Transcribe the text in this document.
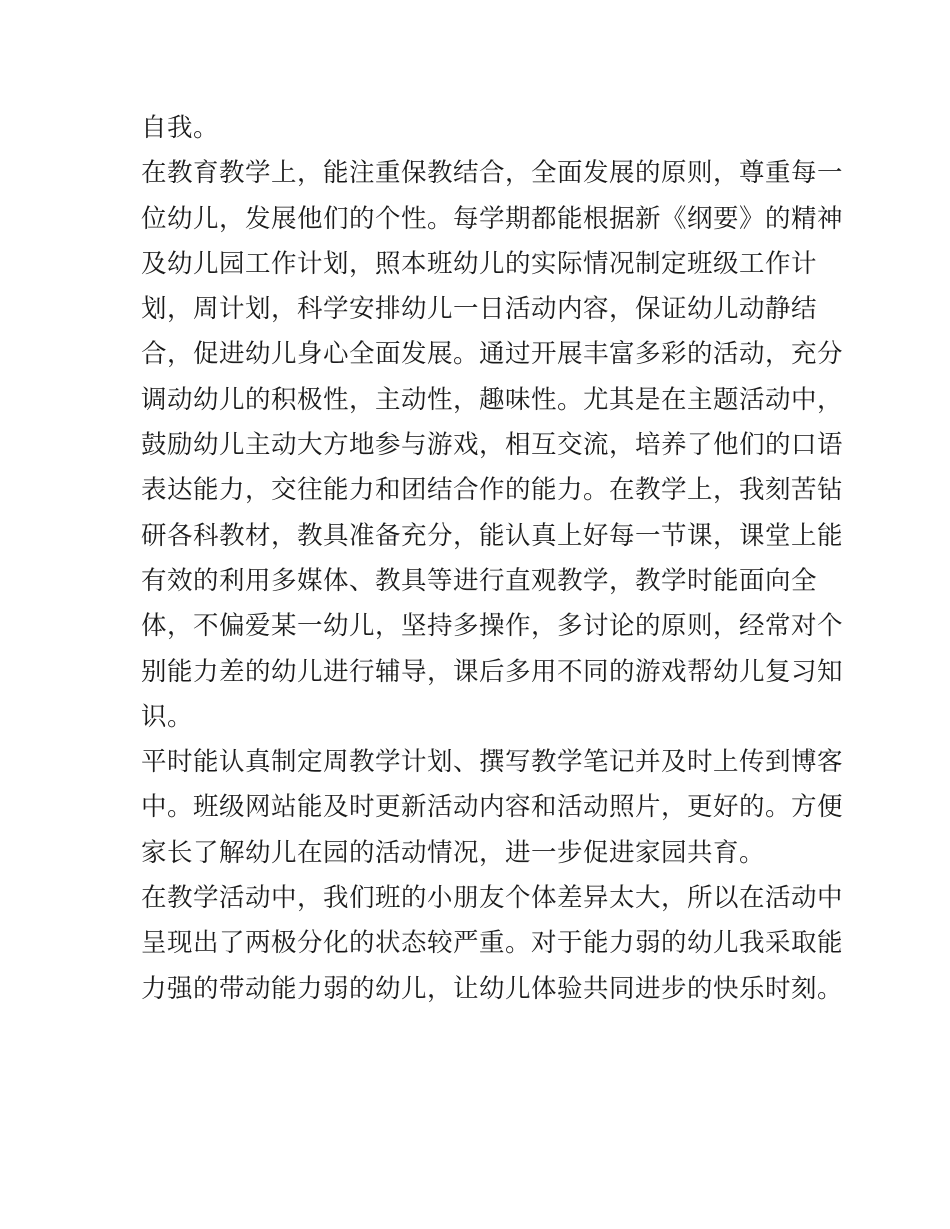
自我。
在教育教学上，能注重保教结合，全面发展的原则，尊重每一
位幼儿，发展他们的个性。每学期都能根据新《纲要》的精神
及幼儿园工作计划，照本班幼儿的实际情况制定班级工作计
划，周计划，科学安排幼儿一日活动内容，保证幼儿动静结
合，促进幼儿身心全面发展。通过开展丰富多彩的活动，充分
调动幼儿的积极性，主动性，趣味性。尤其是在主题活动中，
鼓励幼儿主动大方地参与游戏，相互交流，培养了他们的口语
表达能力，交往能力和团结合作的能力。在教学上，我刻苦钻
研各科教材，教具准备充分，能认真上好每一节课，课堂上能
有效的利用多媒体、教具等进行直观教学，教学时能面向全
体，不偏爱某一幼儿，坚持多操作，多讨论的原则，经常对个
别能力差的幼儿进行辅导，课后多用不同的游戏帮幼儿复习知
识。
平时能认真制定周教学计划、撰写教学笔记并及时上传到博客
中。班级网站能及时更新活动内容和活动照片，更好的。方便
家长了解幼儿在园的活动情况，进一步促进家园共育。
在教学活动中，我们班的小朋友个体差异太大，所以在活动中
呈现出了两极分化的状态较严重。对于能力弱的幼儿我采取能
力强的带动能力弱的幼儿，让幼儿体验共同进步的快乐时刻。
